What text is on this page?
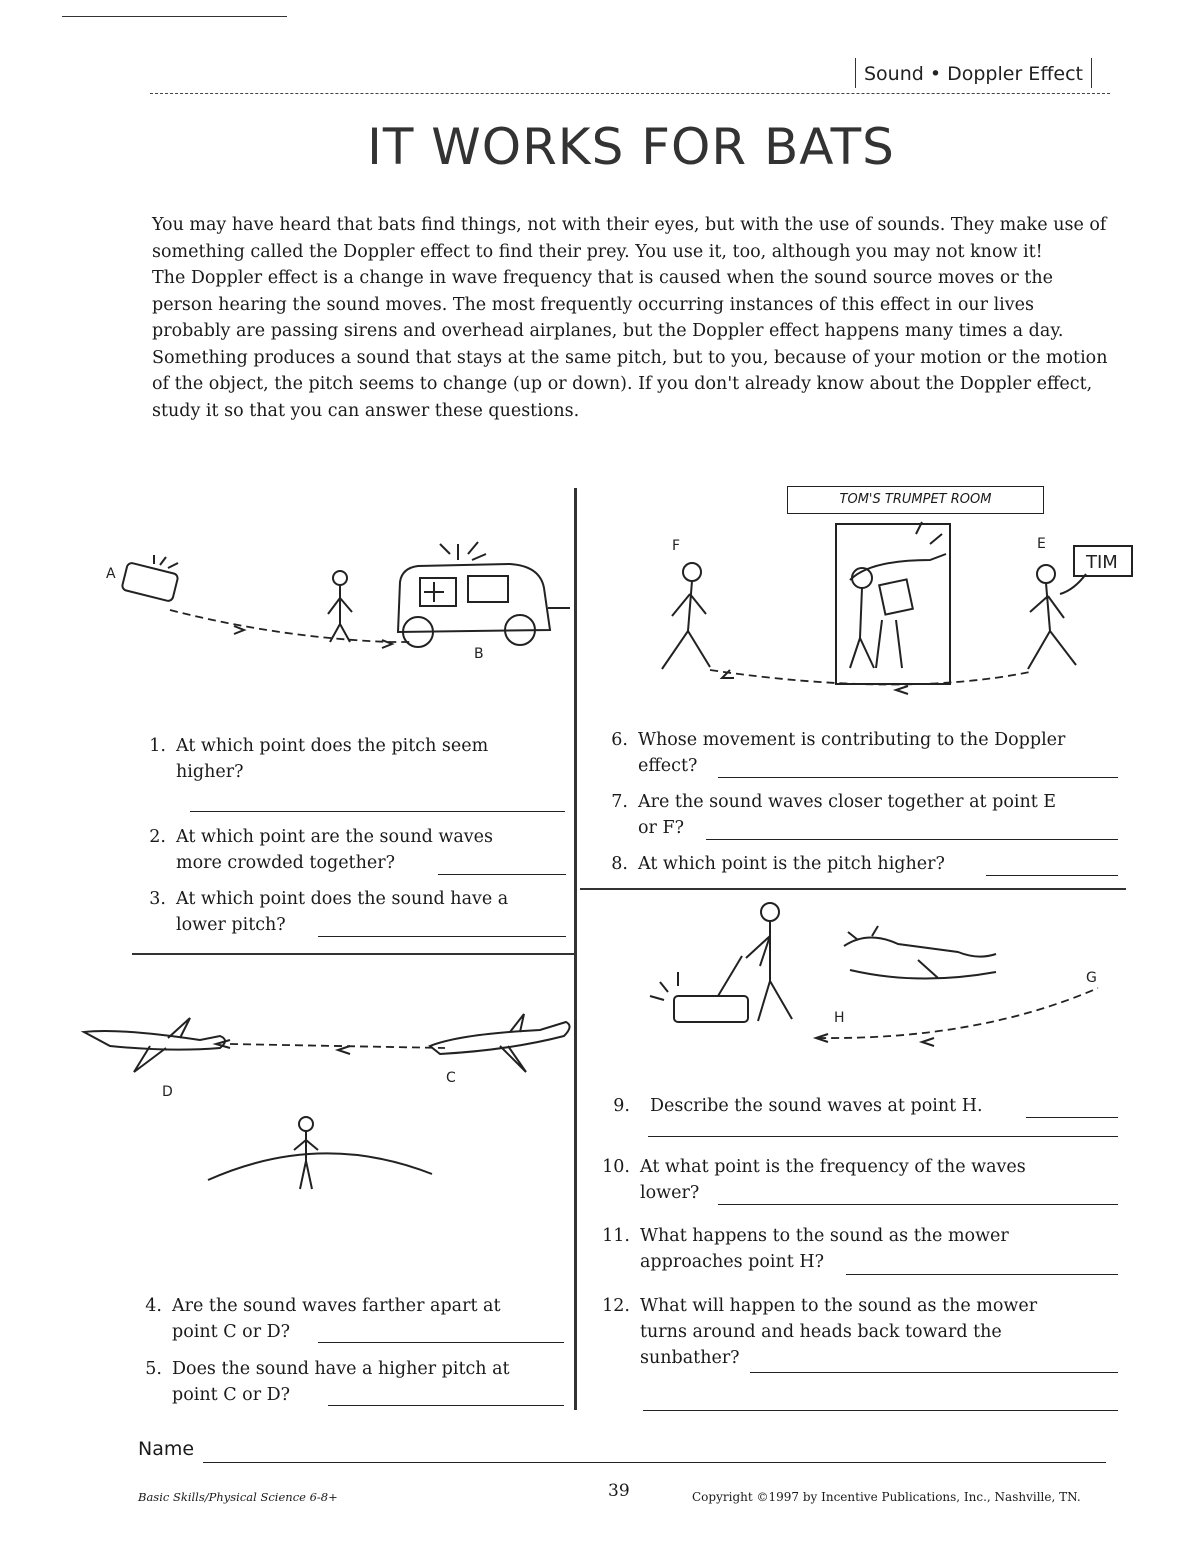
Sound • Doppler Effect
IT WORKS FOR BATS

You may have heard that bats find things, not with their eyes, but with the use of sounds. They make use of something called the Doppler effect to find their prey. You use it, too, although you may not know it!

The Doppler effect is a change in wave frequency that is caused when the sound source moves or the person hearing the sound moves. The most frequently occurring instances of this effect in our lives probably are passing sirens and overhead airplanes, but the Doppler effect happens many times a day. Something produces a sound that stays at the same pitch, but to you, because of your motion or the motion of the object, the pitch seems to change (up or down). If you don't already know about the Doppler effect, study it so that you can answer these questions.

A
B
TOM'S TRUMPET ROOM
F	E
TIM
D
C
H
G
1. At which point does the pitch seem
higher?
2. At which point are the sound waves
more crowded together?
3. At which point does the sound have a
lower pitch?
4. Are the sound waves farther apart at
point C or D?
5. Does the sound have a higher pitch at
point C or D?
6. Whose movement is contributing to the Doppler
effect?
7. Are the sound waves closer together at point E
or F?
8. At which point is the pitch higher?
9. Describe the sound waves at point H.
10. At what point is the frequency of the waves
lower?
11. What happens to the sound as the mower
approaches point H?
12. What will happen to the sound as the mower
turns around and heads back toward the
sunbather?
Name
Basic Skills/Physical Science 6-8+	39	Copyright ©1997 by Incentive Publications, Inc., Nashville, TN.
